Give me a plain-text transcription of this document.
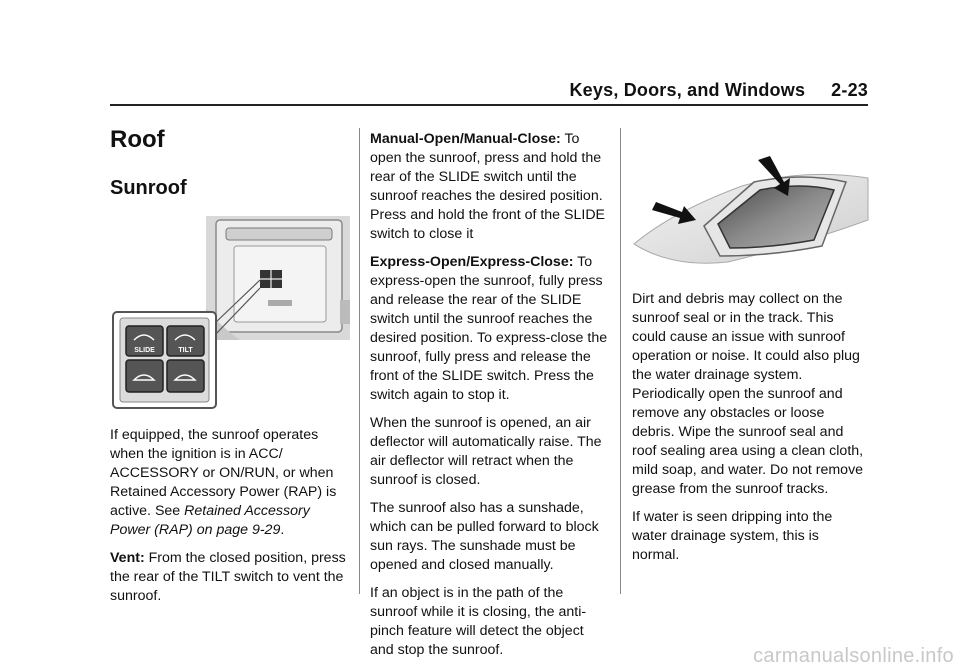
Keys, Doors, and Windows 2-23
Roof
Sunroof
SLIDE	TILT

If equipped, the sunroof operates when the ignition is in ACC/ ACCESSORY or ON/RUN, or when Retained Accessory Power (RAP) is active. See Retained Accessory Power (RAP) on page 9-29.

Vent: From the closed position, press the rear of the TILT switch to vent the sunroof.

Manual-Open/Manual-Close: To open the sunroof, press and hold the rear of the SLIDE switch until the sunroof reaches the desired position. Press and hold the front of the SLIDE switch to close it

Express-Open/Express-Close: To express-open the sunroof, fully press and release the rear of the SLIDE switch until the sunroof reaches the desired position. To express-close the sunroof, fully press and release the front of the SLIDE switch. Press the switch again to stop it.

When the sunroof is opened, an air deflector will automatically raise. The air deflector will retract when the sunroof is closed.

The sunroof also has a sunshade, which can be pulled forward to block sun rays. The sunshade must be opened and closed manually.

If an object is in the path of the sunroof while it is closing, the anti-pinch feature will detect the object and stop the sunroof.

Dirt and debris may collect on the sunroof seal or in the track. This could cause an issue with sunroof operation or noise. It could also plug the water drainage system. Periodically open the sunroof and remove any obstacles or loose debris. Wipe the sunroof seal and roof sealing area using a clean cloth, mild soap, and water. Do not remove grease from the sunroof tracks.

If water is seen dripping into the water drainage system, this is normal.

carmanualsonline.info
